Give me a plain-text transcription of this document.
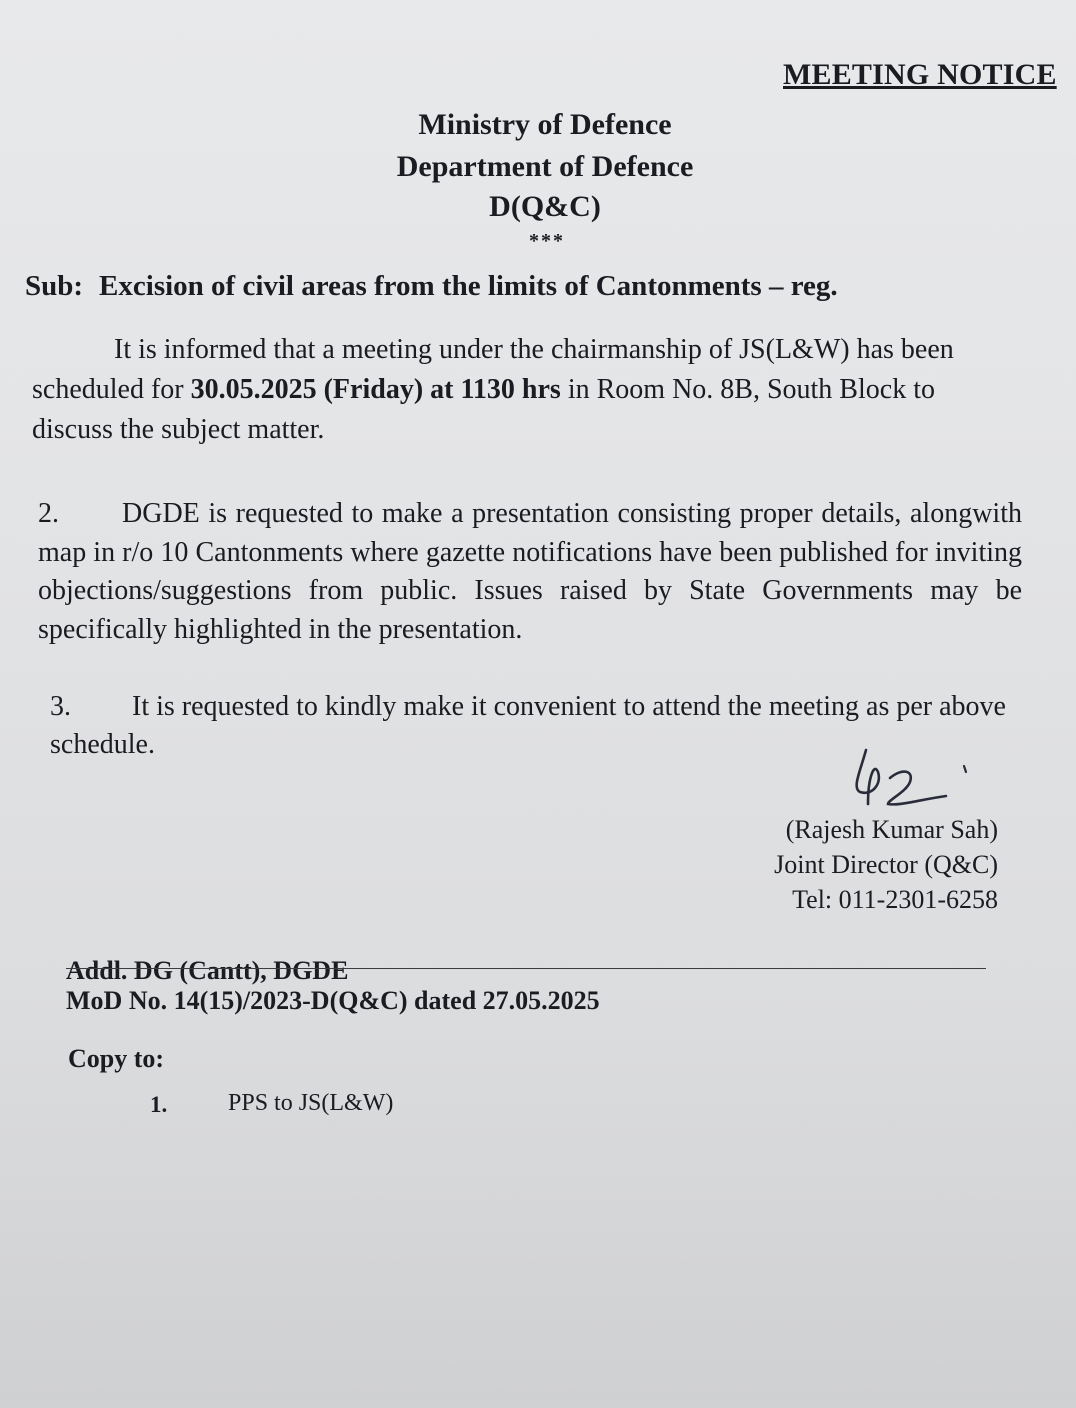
MEETING NOTICE
Ministry of Defence
Department of Defence
D(Q&C)
***
Sub: Excision of civil areas from the limits of Cantonments – reg.
It is informed that a meeting under the chairmanship of JS(L&W) has been
scheduled for 30.05.2025 (Friday) at 1130 hrs in Room No. 8B, South Block to
discuss the subject matter.
2. DGDE is requested to make a presentation consisting proper details, alongwith map in r/o 10 Cantonments where gazette notifications have been published for inviting objections/suggestions from public. Issues raised by State Governments may be specifically highlighted in the presentation.
3. It is requested to kindly make it convenient to attend the meeting as per above schedule.
(Rajesh Kumar Sah)
Joint Director (Q&C)
Tel: 011-2301-6258
Addl. DG (Cantt), DGDE
MoD No. 14(15)/2023-D(Q&C) dated 27.05.2025
Copy to:
1.	PPS to JS(L&W)
